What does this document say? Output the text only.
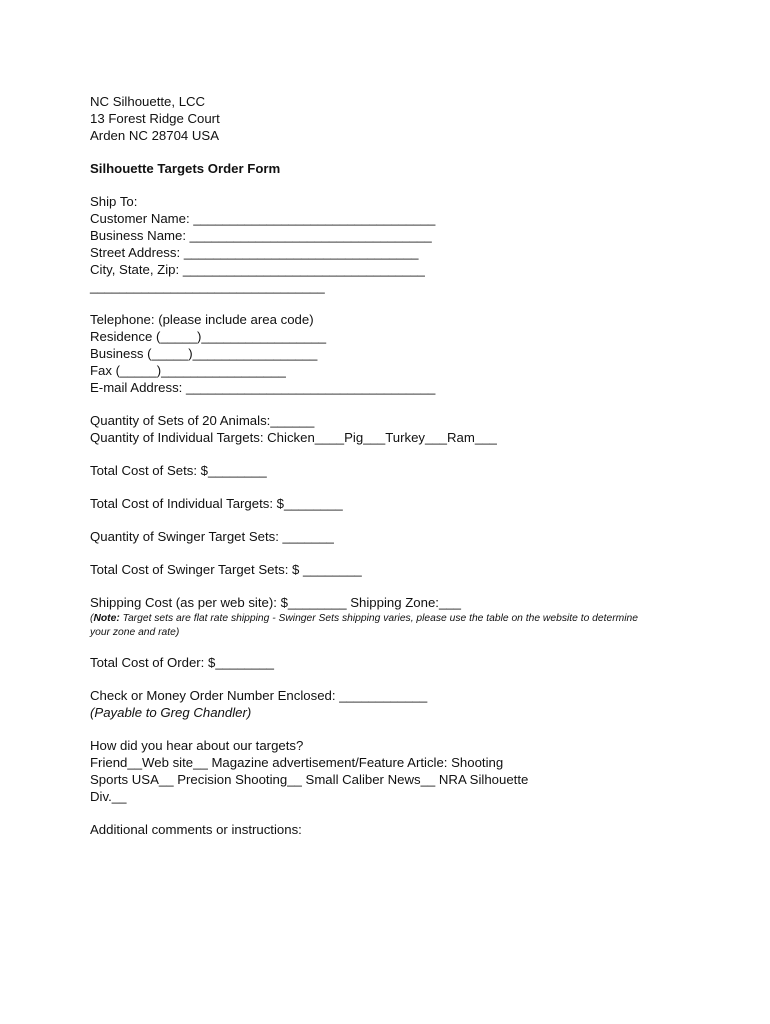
NC Silhouette, LCC
13 Forest Ridge Court
Arden NC 28704 USA
Silhouette Targets Order Form
Ship To:
Customer Name: _________________________________
Business Name: _________________________________
Street Address: ________________________________
City, State, Zip: _________________________________
________________________________
Telephone: (please include area code)
Residence (_____)_________________
Business (_____)_________________
Fax (_____)_________________
E-mail Address: __________________________________
Quantity of Sets of 20 Animals:______
Quantity of Individual Targets: Chicken____Pig___Turkey___Ram___
Total Cost of Sets: $________
Total Cost of Individual Targets: $________
Quantity of Swinger Target Sets: _______
Total Cost of Swinger Target Sets: $ ________
Shipping Cost (as per web site): $________ Shipping Zone:___
(Note: Target sets are flat rate shipping - Swinger Sets shipping varies, please use the table on the website to determine your zone and rate)
Total Cost of Order: $________
Check or Money Order Number Enclosed: ____________
(Payable to Greg Chandler)
How did you hear about our targets?
Friend__Web site__ Magazine advertisement/Feature Article: Shooting
Sports USA__ Precision Shooting__ Small Caliber News__ NRA Silhouette
Div.__
Additional comments or instructions:
